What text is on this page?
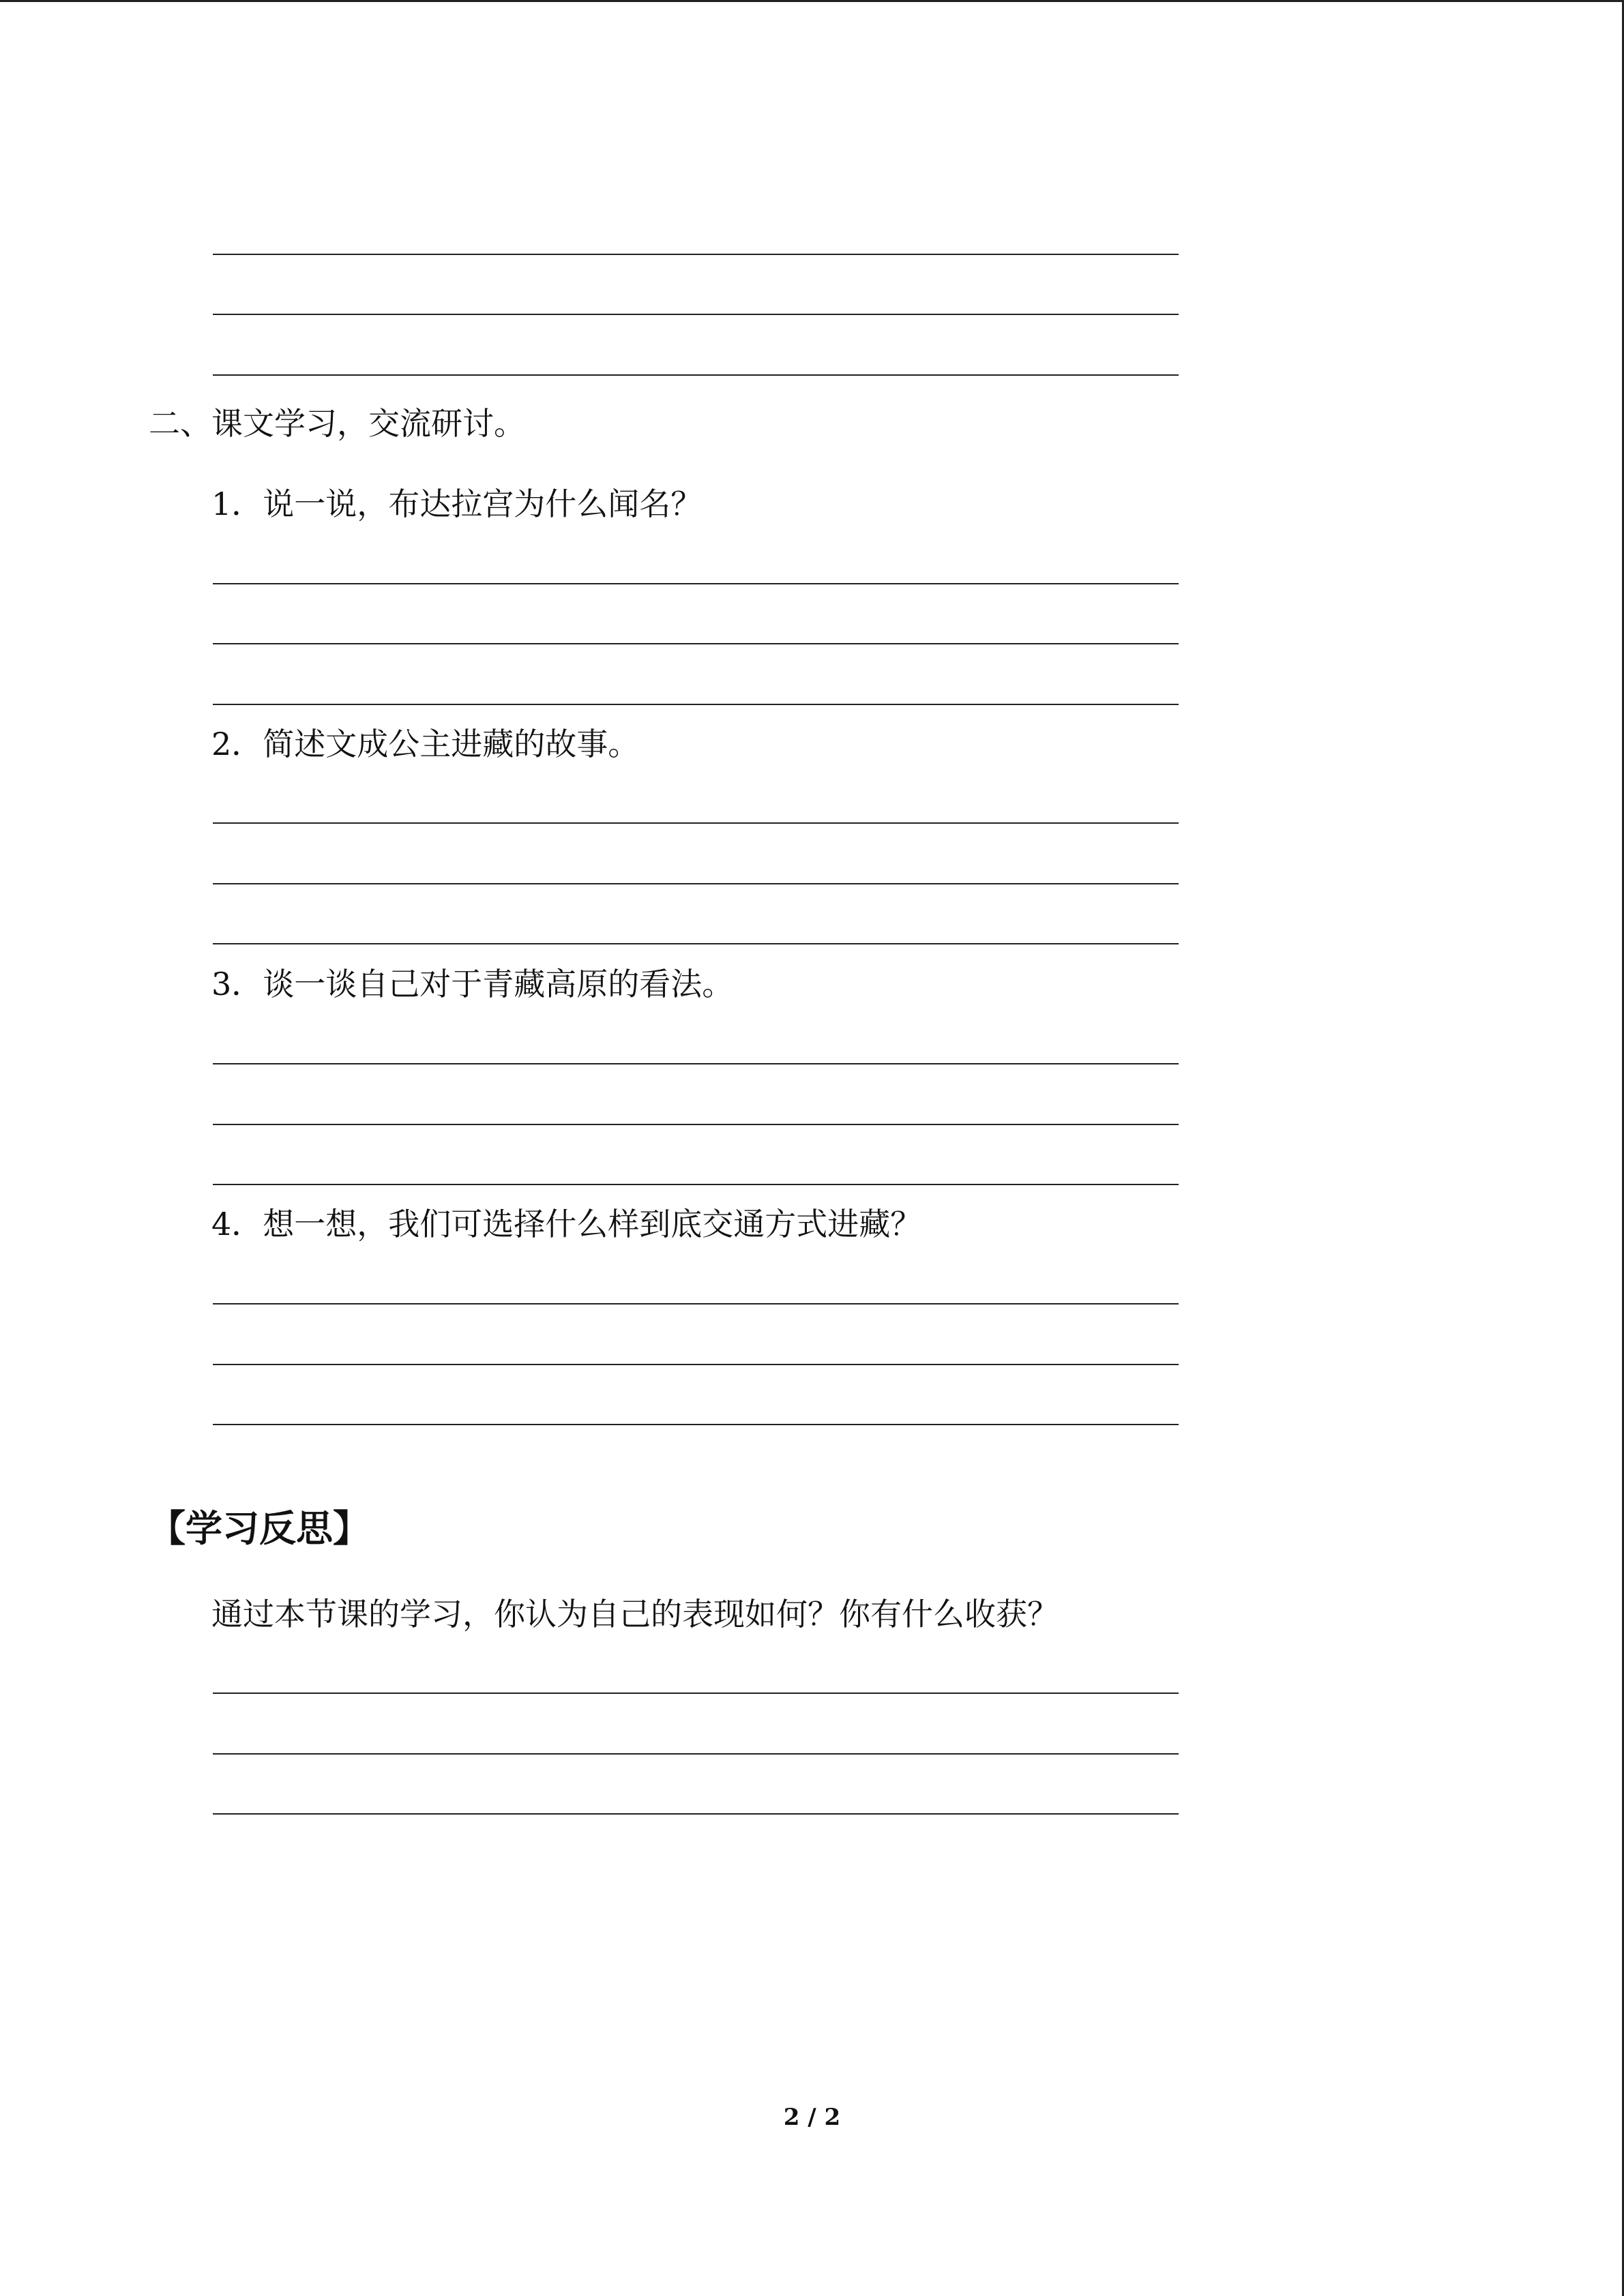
二、课文学习，交流研讨。
1．说一说，布达拉宫为什么闻名？
2．简述文成公主进藏的故事。
3．谈一谈自己对于青藏高原的看法。
4．想一想，我们可选择什么样到底交通方式进藏？
【学习反思】
通过本节课的学习，你认为自己的表现如何？你有什么收获？
2 / 2
